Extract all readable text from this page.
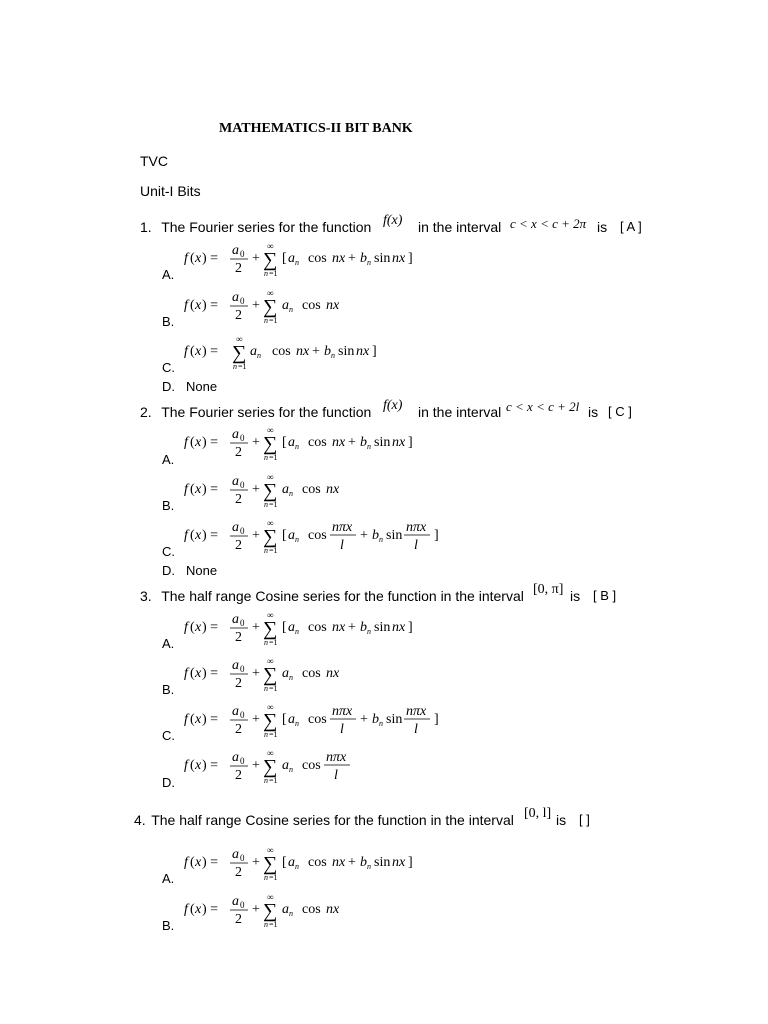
MATHEMATICS-II BIT BANK
TVC
Unit-I Bits
1. The Fourier series for the function f(x) in the interval c < x < c + 2π is [ A ]
A.
B.
C.
D. None
2. The Fourier series for the function f(x) in the interval c < x < c + 2l is [ C ]
A.
B.
C.
D. None
3. The half range Cosine series for the function in the interval [0, π] is [ B ]
A.
B.
C.
D.
4. The half range Cosine series for the function in the interval [0, l] is [ ]
A.
B.
f ( x ) =
a 0
2
+
∞
∑
n =1
[ a n cos nx + b n sin nx ]
f ( x ) =
a 0
2
+
∞
∑
n =1
a n cos nx
f ( x ) =
∞
∑
n =1
a n cos nx + b n sin nx ]
f ( x ) =
a 0
2
+
∞
∑
n =1
[ a n cos nx + b n sin nx ]
f ( x ) =
a 0
2
+
∞
∑
n =1
a n cos nx
f ( x ) =
a 0
2
+
∞
∑
n =1
[ a n cos
nπx
l
+ b n sin
nπx
l
]
f ( x ) =
a 0
2
+
∞
∑
n =1
[ a n cos nx + b n sin nx ]
f ( x ) =
a 0
2
+
∞
∑
n =1
a n cos nx
f ( x ) =
a 0
2
+
∞
∑
n =1
[ a n cos
nπx
l
+ b n sin
nπx
l
]
f ( x ) =
a 0
2
+
∞
∑
n =1
a n cos
nπx
l
f ( x ) =
a 0
2
+
∞
∑
n =1
[ a n cos nx + b n sin nx ]
f ( x ) =
a 0
2
+
∞
∑
n =1
a n cos nx
